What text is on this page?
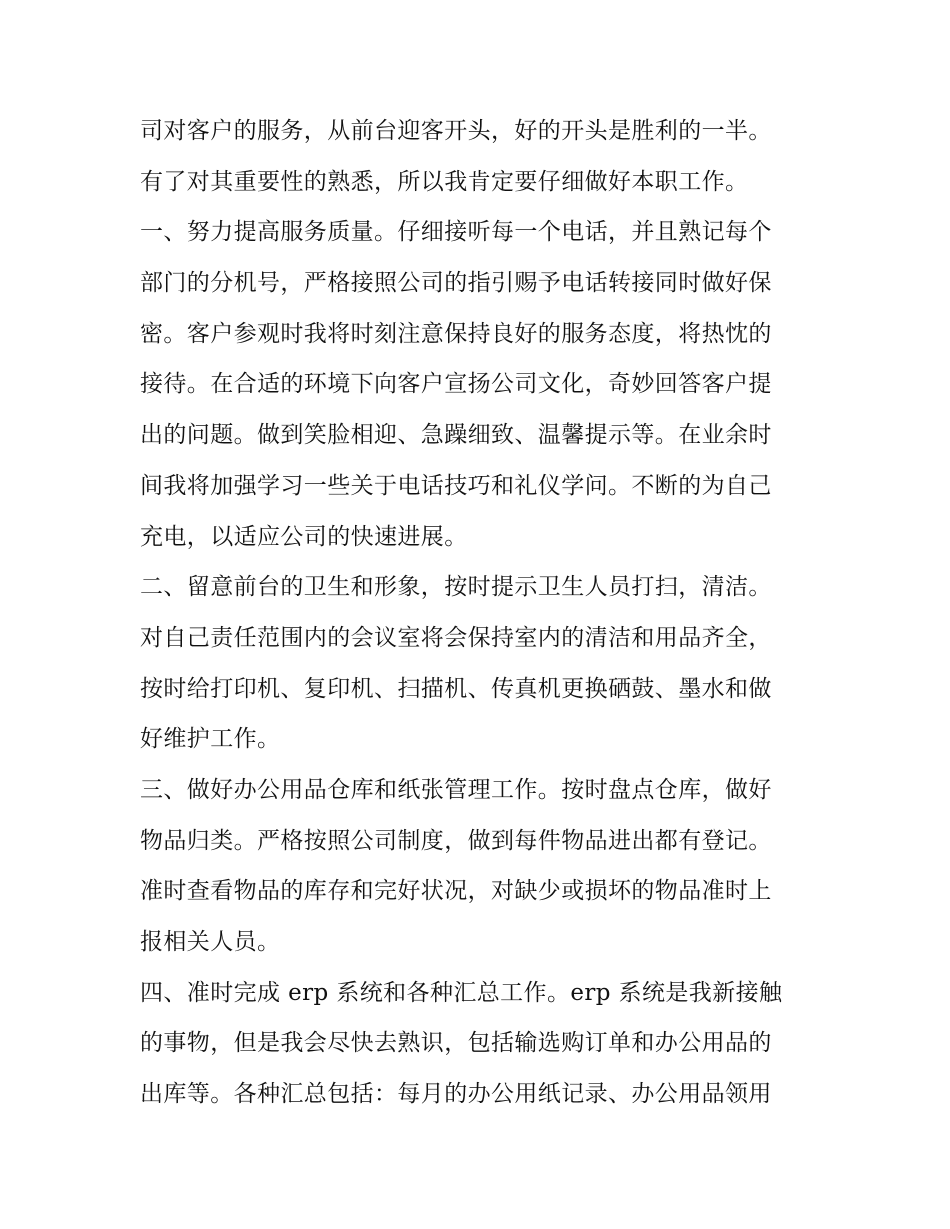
司对客户的服务，从前台迎客开头，好的开头是胜利的一半。
有了对其重要性的熟悉，所以我肯定要仔细做好本职工作。
一、努力提高服务质量。仔细接听每一个电话，并且熟记每个
部门的分机号，严格接照公司的指引赐予电话转接同时做好保
密。客户参观时我将时刻注意保持良好的服务态度，将热忱的
接待。在合适的环境下向客户宣扬公司文化，奇妙回答客户提
出的问题。做到笑脸相迎、急躁细致、温馨提示等。在业余时
间我将加强学习一些关于电话技巧和礼仪学问。不断的为自己
充电，以适应公司的快速进展。
二、留意前台的卫生和形象，按时提示卫生人员打扫，清洁。
对自己责任范围内的会议室将会保持室内的清洁和用品齐全，
按时给打印机、复印机、扫描机、传真机更换硒鼓、墨水和做
好维护工作。
三、做好办公用品仓库和纸张管理工作。按时盘点仓库，做好
物品归类。严格按照公司制度，做到每件物品进出都有登记。
准时查看物品的库存和完好状况，对缺少或损坏的物品准时上
报相关人员。
四、准时完成 erp 系统和各种汇总工作。erp 系统是我新接触
的事物，但是我会尽快去熟识，包括输选购订单和办公用品的
出库等。各种汇总包括：每月的办公用纸记录、办公用品领用
